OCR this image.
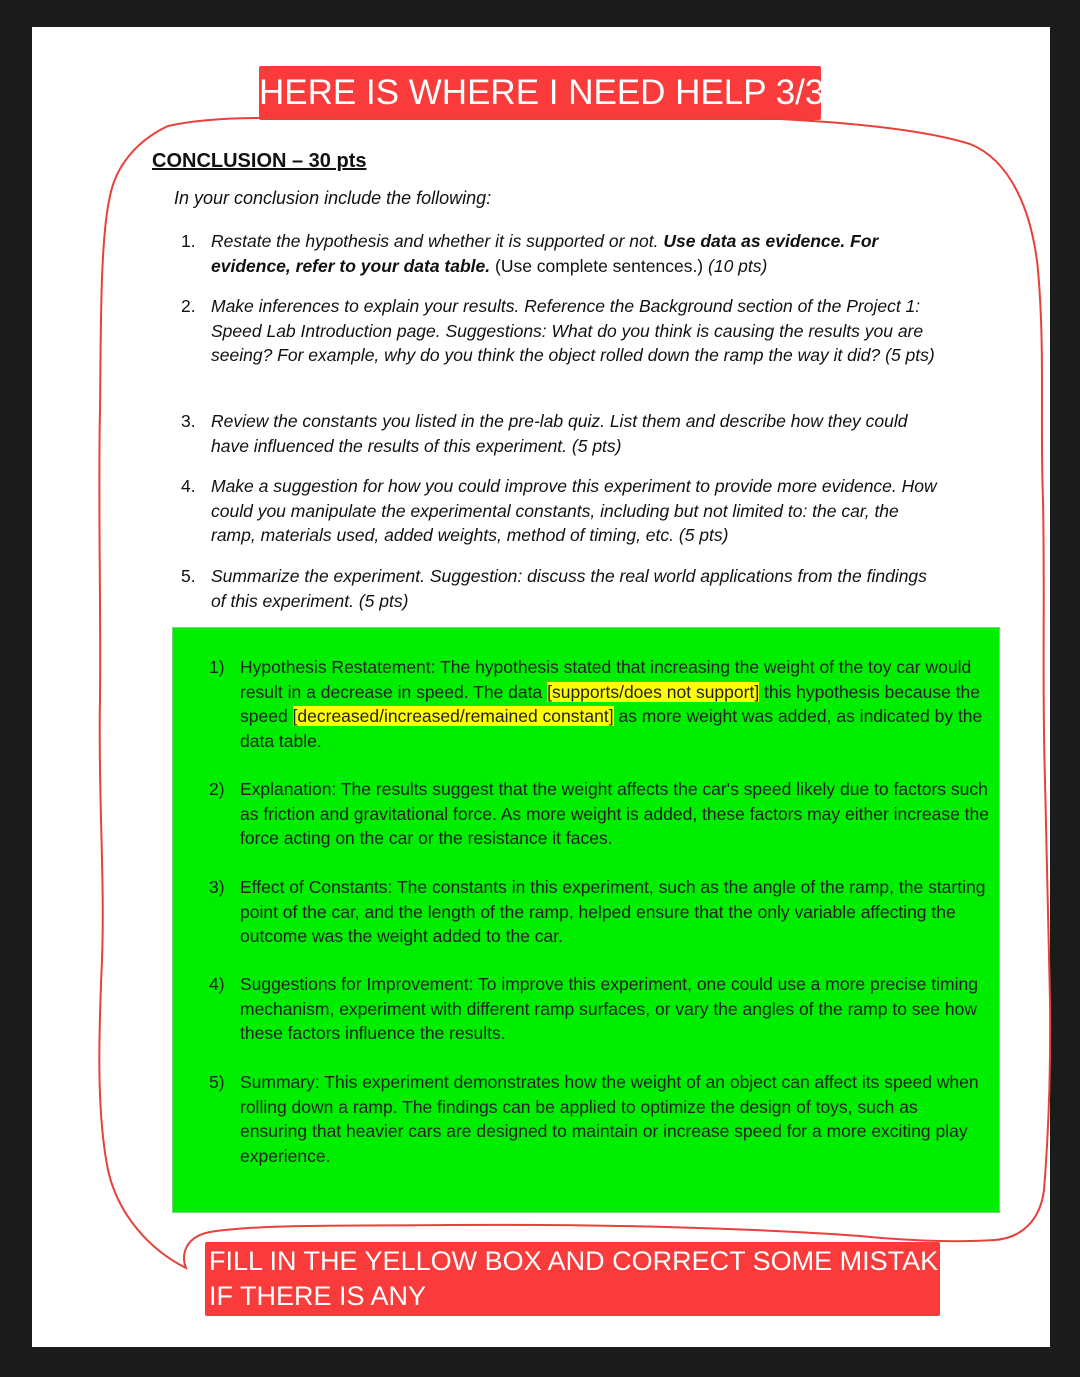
HERE IS WHERE I NEED HELP 3/3
CONCLUSION – 30 pts
In your conclusion include the following:
1. Restate the hypothesis and whether it is supported or not. Use data as evidence. For evidence, refer to your data table. (Use complete sentences.) (10 pts)
2. Make inferences to explain your results. Reference the Background section of the Project 1: Speed Lab Introduction page. Suggestions: What do you think is causing the results you are seeing? For example, why do you think the object rolled down the ramp the way it did? (5 pts)
3. Review the constants you listed in the pre-lab quiz. List them and describe how they could have influenced the results of this experiment. (5 pts)
4. Make a suggestion for how you could improve this experiment to provide more evidence. How could you manipulate the experimental constants, including but not limited to: the car, the ramp, materials used, added weights, method of timing, etc. (5 pts)
5. Summarize the experiment. Suggestion: discuss the real world applications from the findings of this experiment. (5 pts)
1) Hypothesis Restatement: The hypothesis stated that increasing the weight of the toy car would result in a decrease in speed. The data [supports/does not support] this hypothesis because the speed [decreased/increased/remained constant] as more weight was added, as indicated by the data table.
2) Explanation: The results suggest that the weight affects the car's speed likely due to factors such as friction and gravitational force. As more weight is added, these factors may either increase the force acting on the car or the resistance it faces.
3) Effect of Constants: The constants in this experiment, such as the angle of the ramp, the starting point of the car, and the length of the ramp, helped ensure that the only variable affecting the outcome was the weight added to the car.
4) Suggestions for Improvement: To improve this experiment, one could use a more precise timing mechanism, experiment with different ramp surfaces, or vary the angles of the ramp to see how these factors influence the results.
5) Summary: This experiment demonstrates how the weight of an object can affect its speed when rolling down a ramp. The findings can be applied to optimize the design of toys, such as ensuring that heavier cars are designed to maintain or increase speed for a more exciting play experience.
FILL IN THE YELLOW BOX AND CORRECT SOME MISTAKES
IF THERE IS ANY
